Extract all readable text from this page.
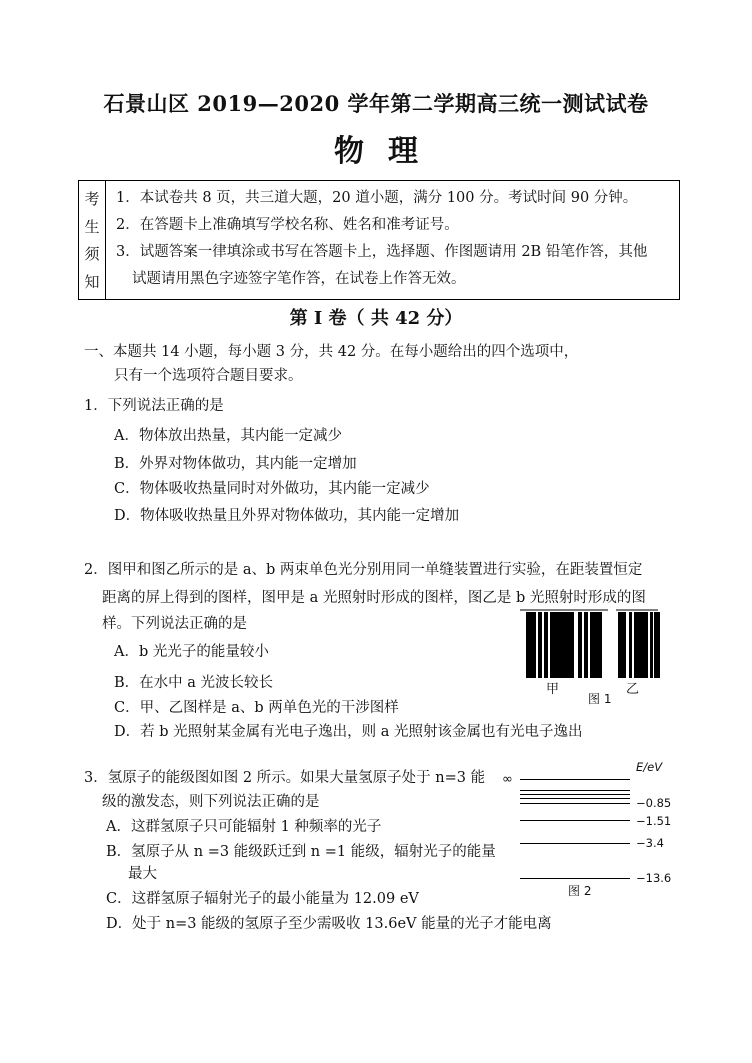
石景山区 2019—2020 学年第二学期高三统一测试试卷
物理
考
生
须
知
1．本试卷共 8 页，共三道大题，20 道小题，满分 100 分。考试时间 90 分钟。
2．在答题卡上准确填写学校名称、姓名和准考证号。
3．试题答案一律填涂或书写在答题卡上，选择题、作图题请用 2B 铅笔作答，其他
试题请用黑色字迹签字笔作答，在试卷上作答无效。
第 I 卷（ 共 42 分）
一、本题共 14 小题，每小题 3 分，共 42 分。在每小题给出的四个选项中，
只有一个选项符合题目要求。
1．下列说法正确的是
A．物体放出热量，其内能一定减少
B．外界对物体做功，其内能一定增加
C．物体吸收热量同时对外做功，其内能一定减少
D．物体吸收热量且外界对物体做功，其内能一定增加
2．图甲和图乙所示的是 a、b 两束单色光分别用同一单缝装置进行实验，在距装置恒定
距离的屏上得到的图样，图甲是 a 光照射时形成的图样，图乙是 b 光照射时形成的图
样。下列说法正确的是
A．b 光光子的能量较小
B．在水中 a 光波长较长
C．甲、乙图样是 a、b 两单色光的干涉图样
D．若 b 光照射某金属有光电子逸出，则 a 光照射该金属也有光电子逸出
甲	乙
图 1
3．氢原子的能级图如图 2 所示。如果大量氢原子处于 n=3 能
级的激发态，则下列说法正确的是
A．这群氢原子只可能辐射 1 种频率的光子
B．氢原子从 n =3 能级跃迁到 n =1 能级，辐射光子的能量
最大
C．这群氢原子辐射光子的最小能量为 12.09 eV
D．处于 n=3 能级的氢原子至少需吸收 13.6eV 能量的光子才能电离
E/eV
∞
−0.85
−1.51
−3.4
−13.6
图 2
